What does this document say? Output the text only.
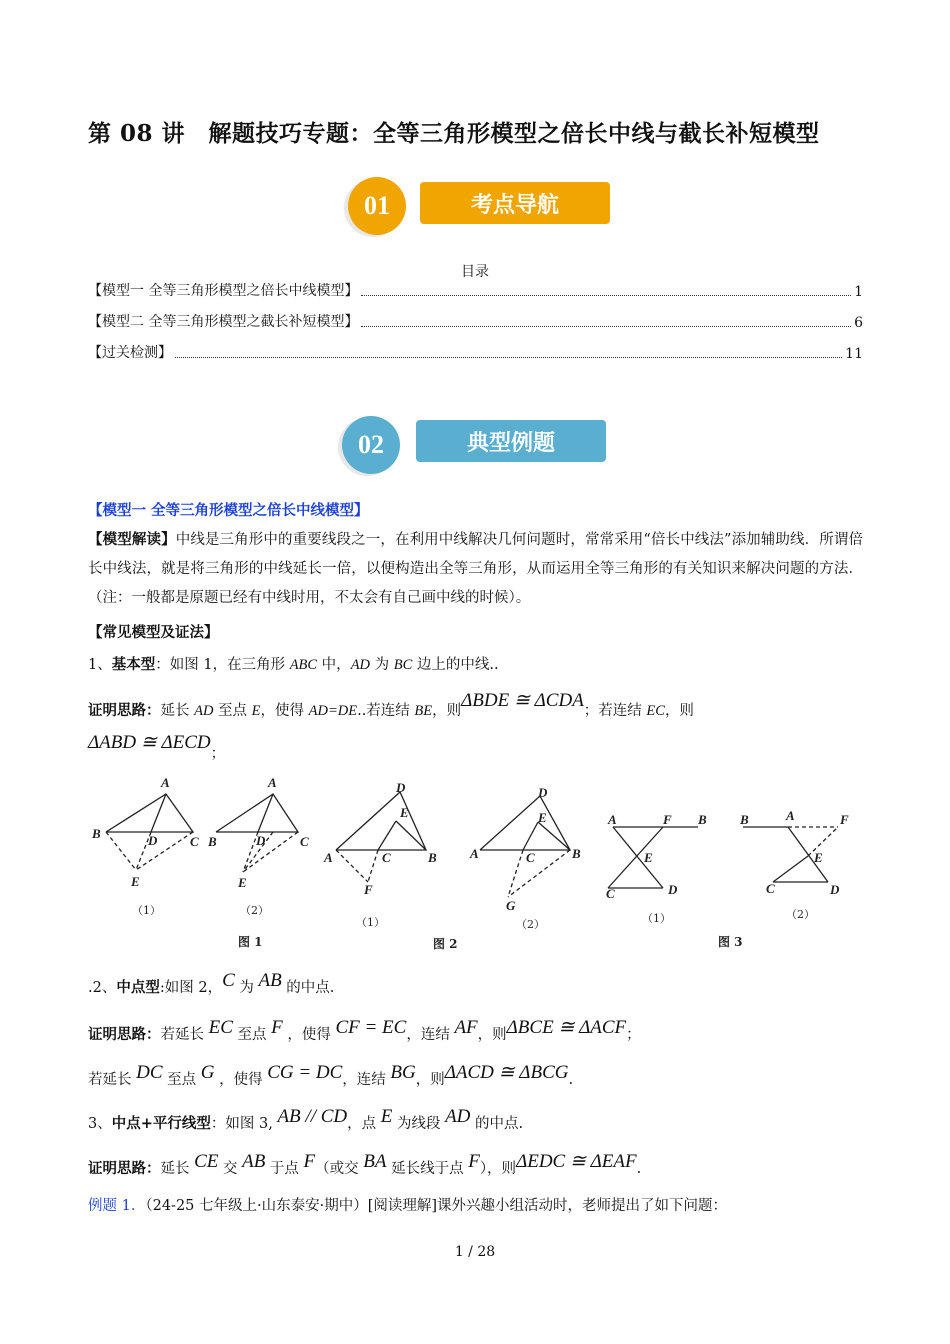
第 08 讲　解题技巧专题：全等三角形模型之倍长中线与截长补短模型
考点导航
01
目录
【模型一 全等三角形模型之倍长中线模型】	1
【模型二 全等三角形模型之截长补短模型】	6
【过关检测】	11
典型例题
02
【模型一 全等三角形模型之倍长中线模型】
【模型解读】中线是三角形中的重要线段之一，在利用中线解决几何问题时，常常采用“倍长中线法”添加辅助线．所谓倍长中线法，就是将三角形的中线延长一倍，以便构造出全等三角形，从而运用全等三角形的有关知识来解决问题的方法．（注：一般都是原题已经有中线时用，不太会有自己画中线的时候）。
【常见模型及证法】
1、基本型：如图 1，在三角形 ABC 中，AD 为 BC 边上的中线..
证明思路：延长 AD 至点 E，使得 AD=DE..若连结 BE，则ΔBDE ≅ ΔCDA；若连结 EC，则
ΔABD ≅ ΔECD；
A
B	D	C
E
A
B	D	C
E
D
E
A	C	B
F
D
E
A	C	B
G
A	F B
E
C	D
B	A	F
E
C	D
（1）	（2）
（1）	（2）	（1）	（2）
图 1	图 2	图 3
.2、中点型:如图 2，C 为 AB 的中点.
证明思路：若延长 EC 至点 F ，使得 CF = EC，连结 AF，则ΔBCE ≅ ΔACF；
若延长 DC 至点 G ，使得 CG = DC，连结 BG，则ΔACD ≅ ΔBCG.
3、中点+平行线型：如图 3, AB // CD，点 E 为线段 AD 的中点.
证明思路：延长 CE 交 AB 于点 F（或交 BA 延长线于点 F），则ΔEDC ≅ ΔEAF.
例题 1．（24-25 七年级上·山东泰安·期中）[阅读理解]课外兴趣小组活动时，老师提出了如下问题：
1 / 28
